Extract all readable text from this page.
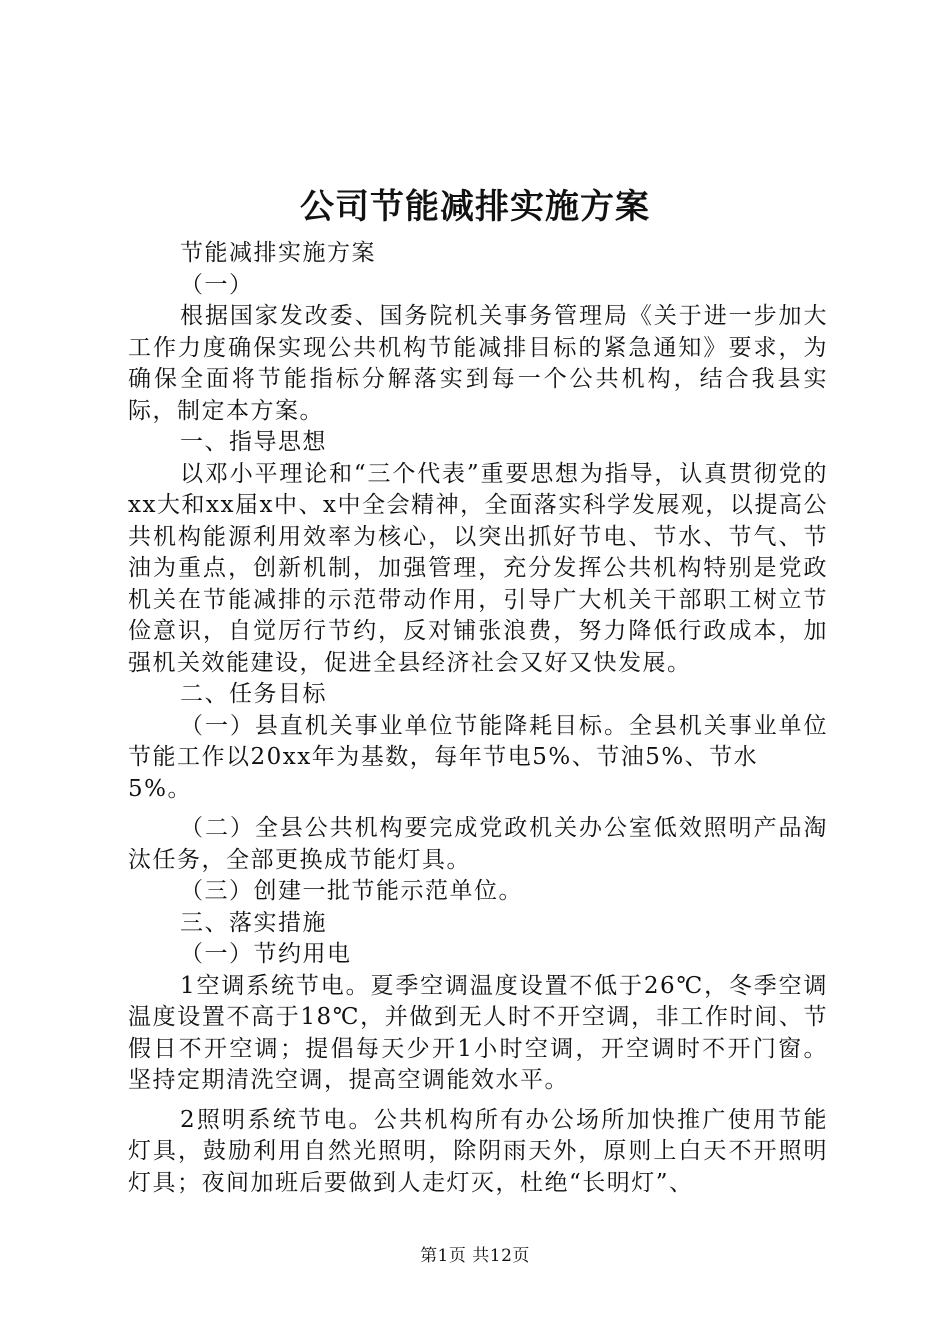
公司节能减排实施方案

节能减排实施方案

（一）

根据国家发改委、国务院机关事务管理局《关于进一步加大工作力度确保实现公共机构节能减排目标的紧急通知》要求，为确保全面将节能指标分解落实到每一个公共机构，结合我县实际，制定本方案。

一、指导思想

以邓小平理论和“三个代表”重要思想为指导，认真贯彻党的xx大和xx届x中、x中全会精神，全面落实科学发展观，以提高公共机构能源利用效率为核心，以突出抓好节电、节水、节气、节油为重点，创新机制，加强管理，充分发挥公共机构特别是党政机关在节能减排的示范带动作用，引导广大机关干部职工树立节俭意识，自觉厉行节约，反对铺张浪费，努力降低行政成本，加强机关效能建设，促进全县经济社会又好又快发展。

二、任务目标

（一）县直机关事业单位节能降耗目标。全县机关事业单位节能工作以20xx年为基数，每年节电5%、节油5%、节水

5%。

（二）全县公共机构要完成党政机关办公室低效照明产品淘汰任务，全部更换成节能灯具。

（三）创建一批节能示范单位。

三、落实措施

（一）节约用电

1空调系统节电。夏季空调温度设置不低于26℃，冬季空调温度设置不高于18℃，并做到无人时不开空调，非工作时间、节假日不开空调；提倡每天少开1小时空调，开空调时不开门窗。坚持定期清洗空调，提高空调能效水平。

2照明系统节电。公共机构所有办公场所加快推广使用节能灯具，鼓励利用自然光照明，除阴雨天外，原则上白天不开照明灯具；夜间加班后要做到人走灯灭，杜绝“长明灯”、

第1页 共12页
